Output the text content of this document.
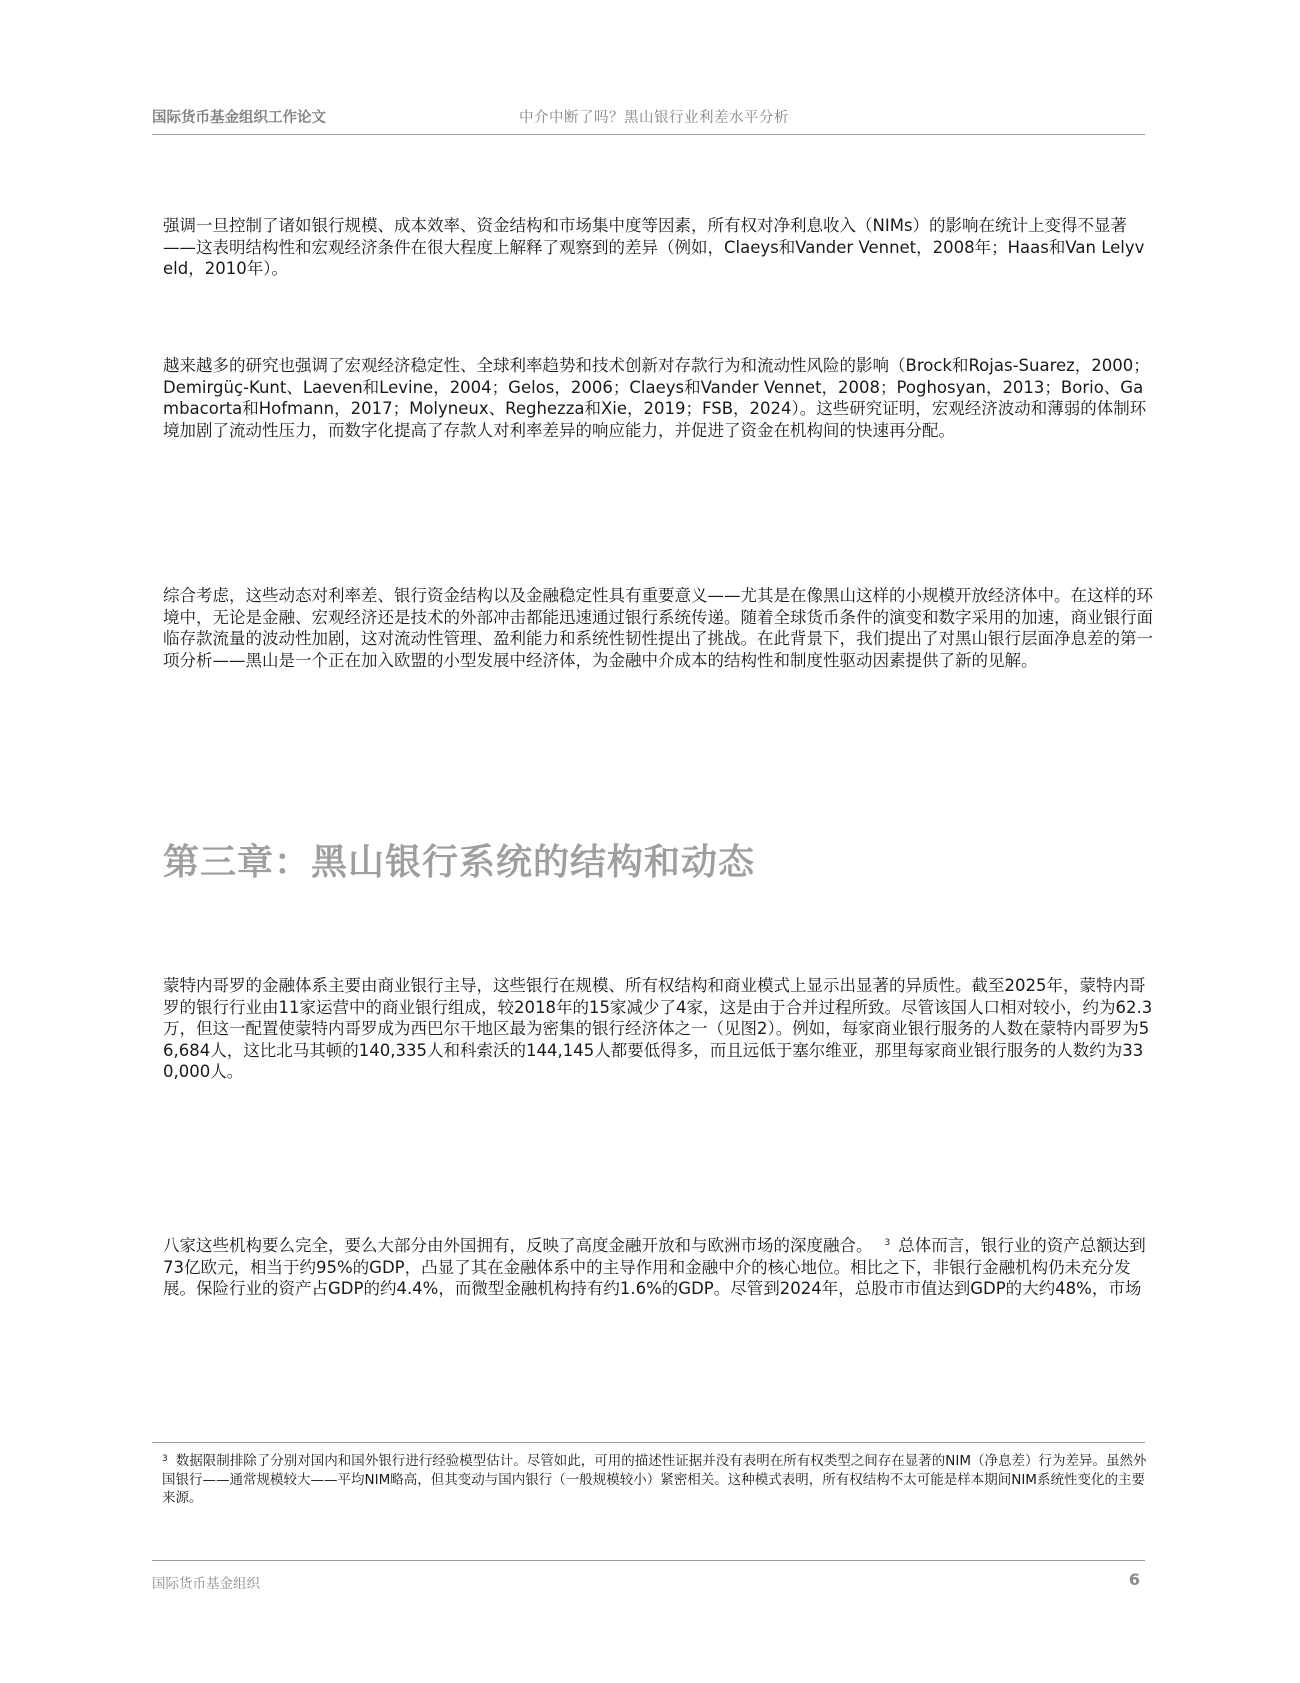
国际货币基金组织工作论文	中介中断了吗？黑山银行业利差水平分析

强调一旦控制了诸如银行规模、成本效率、资金结构和市场集中度等因素，所有权对净利息收入（NIMs）的影响在统计上变得不显著——这表明结构性和宏观经济条件在很大程度上解释了观察到的差异（例如，Claeys和Vander Vennet，2008年；Haas和Van Lelyveld，2010年）。

越来越多的研究也强调了宏观经济稳定性、全球利率趋势和技术创新对存款行为和流动性风险的影响（Brock和Rojas-Suarez，2000；Demirgüç-Kunt、Laeven和Levine，2004；Gelos，2006；Claeys和Vander Vennet，2008；Poghosyan，2013；Borio、Gambacorta和Hofmann，2017；Molyneux、Reghezza和Xie，2019；FSB，2024）。这些研究证明，宏观经济波动和薄弱的体制环境加剧了流动性压力，而数字化提高了存款人对利率差异的响应能力，并促进了资金在机构间的快速再分配。

综合考虑，这些动态对利率差、银行资金结构以及金融稳定性具有重要意义——尤其是在像黑山这样的小规模开放经济体中。在这样的环境中，无论是金融、宏观经济还是技术的外部冲击都能迅速通过银行系统传递。随着全球货币条件的演变和数字采用的加速，商业银行面临存款流量的波动性加剧，这对流动性管理、盈利能力和系统性韧性提出了挑战。在此背景下，我们提出了对黑山银行层面净息差的第一项分析——黑山是一个正在加入欧盟的小型发展中经济体，为金融中介成本的结构性和制度性驱动因素提供了新的见解。

第三章：黑山银行系统的结构和动态

蒙特内哥罗的金融体系主要由商业银行主导，这些银行在规模、所有权结构和商业模式上显示出显著的异质性。截至2025年，蒙特内哥罗的银行行业由11家运营中的商业银行组成，较2018年的15家减少了4家，这是由于合并过程所致。尽管该国人口相对较小，约为62.3万，但这一配置使蒙特内哥罗成为西巴尔干地区最为密集的银行经济体之一（见图2）。例如，每家商业银行服务的人数在蒙特内哥罗为56,684人，这比北马其顿的140,335人和科索沃的144,145人都要低得多，而且远低于塞尔维亚，那里每家商业银行服务的人数约为330,000人。

八家这些机构要么完全，要么大部分由外国拥有，反映了高度金融开放和与欧洲市场的深度融合。 $^3$ 总体而言，银行业的资产总额达到73亿欧元，相当于约95%的GDP，凸显了其在金融体系中的主导作用和金融中介的核心地位。相比之下，非银行金融机构仍未充分发展。保险行业的资产占GDP的约4.4%，而微型金融机构持有约1.6%的GDP。尽管到2024年，总股市市值达到GDP的大约48%，市场

$^3$ 数据限制排除了分别对国内和国外银行进行经验模型估计。尽管如此，可用的描述性证据并没有表明在所有权类型之间存在显著的NIM（净息差）行为差异。虽然外国银行——通常规模较大——平均NIM略高，但其变动与国内银行（一般规模较小）紧密相关。这种模式表明，所有权结构不太可能是样本期间NIM系统性变化的主要来源。

国际货币基金组织	6
